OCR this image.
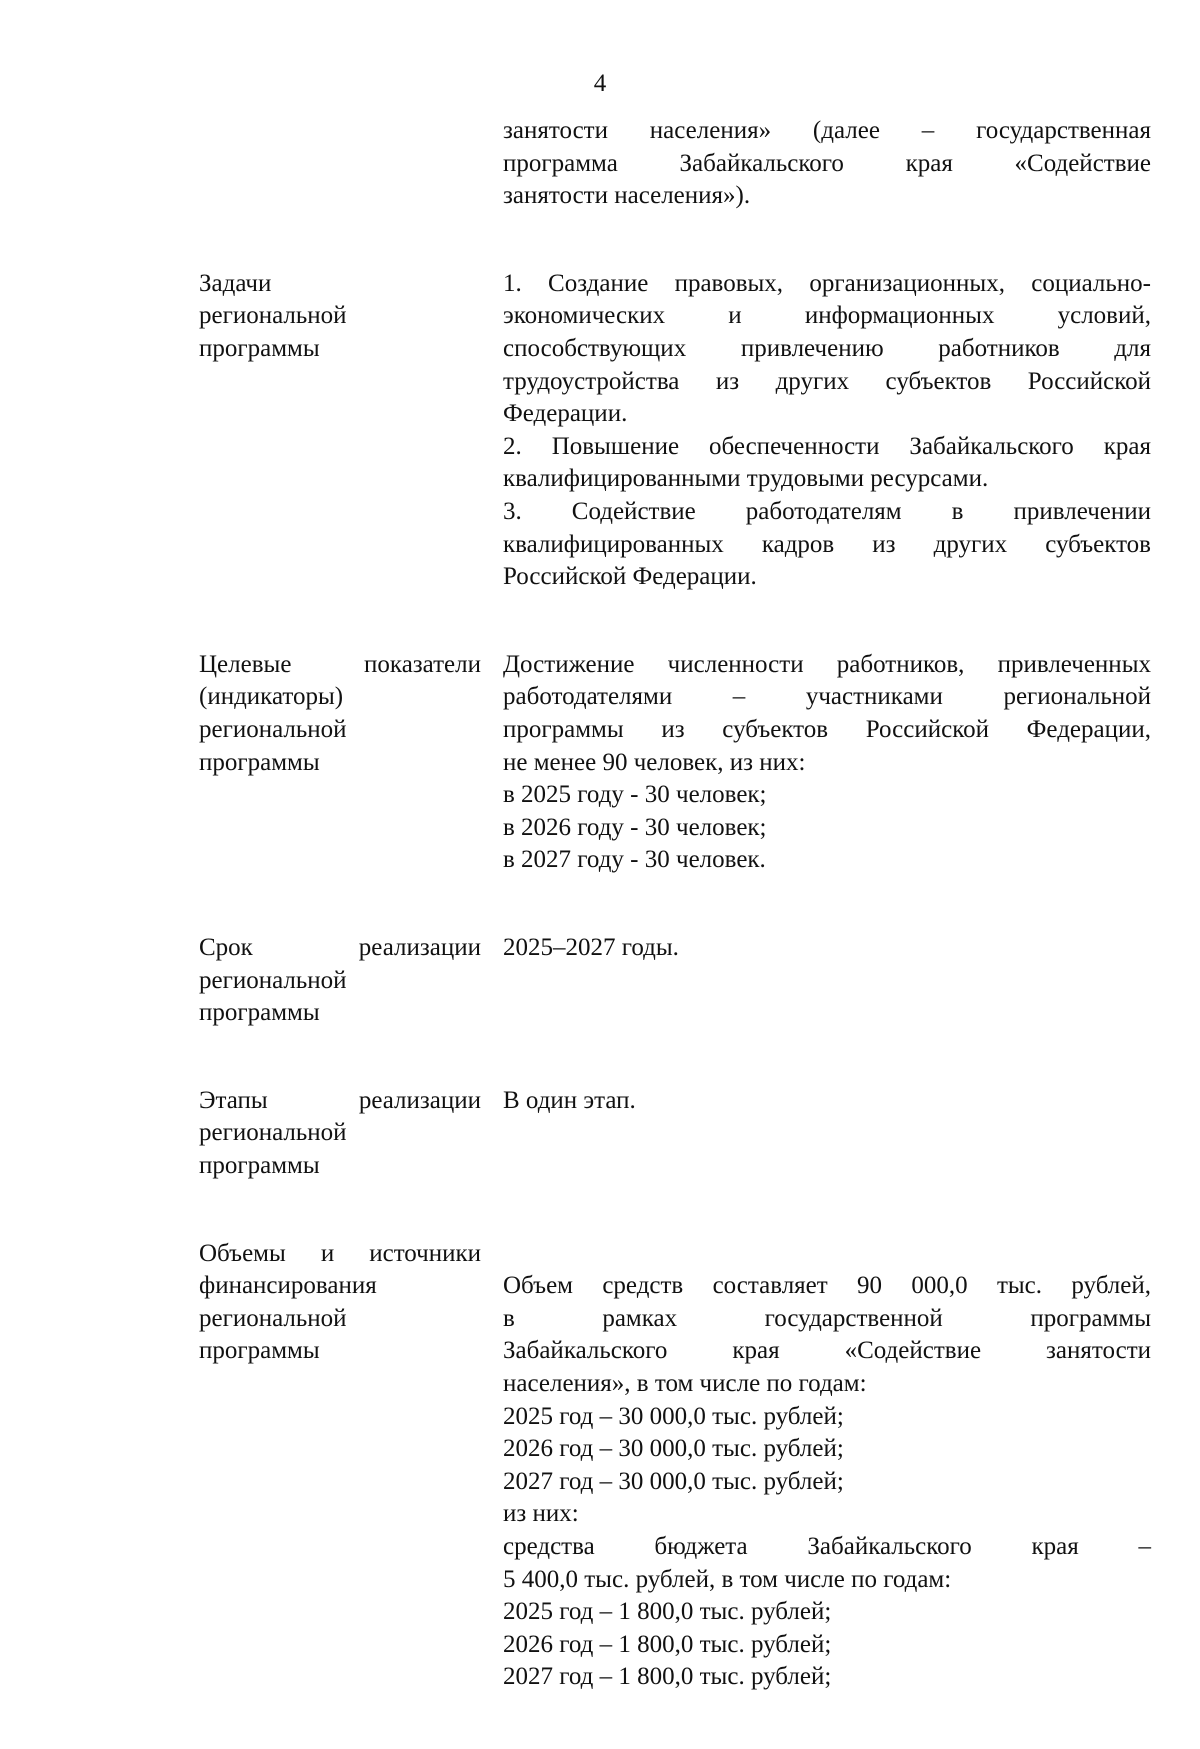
4
занятости населения» (далее – государственная
программа Забайкальского края «Содействие
занятости населения»).
Задачи
региональной
программы
1. Создание правовых, организационных, социально-
экономических и информационных условий,
способствующих привлечению работников для
трудоустройства из других субъектов Российской
Федерации.
2. Повышение обеспеченности Забайкальского края
квалифицированными трудовыми ресурсами.
3. Содействие работодателям в привлечении
квалифицированных кадров из других субъектов
Российской Федерации.
Целевые показатели
(индикаторы)
региональной
программы
Достижение численности работников, привлеченных
работодателями – участниками региональной
программы из субъектов Российской Федерации,
не менее 90 человек, из них:
в 2025 году - 30 человек;
в 2026 году - 30 человек;
в 2027 году - 30 человек.
Срок реализации
региональной
программы
2025–2027 годы.
Этапы реализации
региональной
программы
В один этап.
Объемы и источники
финансирования
региональной
программы
Объем средств составляет 90 000,0 тыс. рублей,
в рамках государственной программы
Забайкальского края «Содействие занятости
населения», в том числе по годам:
2025 год – 30 000,0 тыс. рублей;
2026 год – 30 000,0 тыс. рублей;
2027 год – 30 000,0 тыс. рублей;
из них:
средства бюджета Забайкальского края –
5 400,0 тыс. рублей, в том числе по годам:
2025 год – 1 800,0 тыс. рублей;
2026 год – 1 800,0 тыс. рублей;
2027 год – 1 800,0 тыс. рублей;
